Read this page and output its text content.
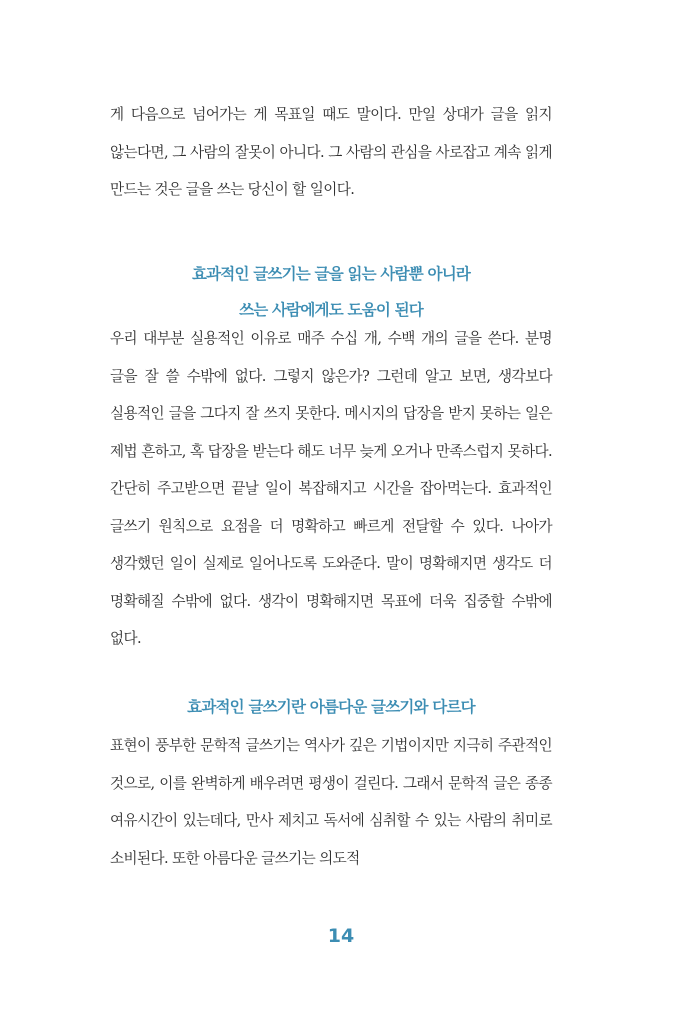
게 다음으로 넘어가는 게 목표일 때도 말이다. 만일 상대가 글을 읽지 않는다면, 그 사람의 잘못이 아니다. 그 사람의 관심을 사로잡고 계속 읽게 만드는 것은 글을 쓰는 당신이 할 일이다.

효과적인 글쓰기는 글을 읽는 사람뿐 아니라
쓰는 사람에게도 도움이 된다

우리 대부분 실용적인 이유로 매주 수십 개, 수백 개의 글을 쓴다. 분명 글을 잘 쓸 수밖에 없다. 그렇지 않은가? 그런데 알고 보면, 생각보다 실용적인 글을 그다지 잘 쓰지 못한다. 메시지의 답장을 받지 못하는 일은 제법 흔하고, 혹 답장을 받는다 해도 너무 늦게 오거나 만족스럽지 못하다. 간단히 주고받으면 끝날 일이 복잡해지고 시간을 잡아먹는다. 효과적인 글쓰기 원칙으로 요점을 더 명확하고 빠르게 전달할 수 있다. 나아가 생각했던 일이 실제로 일어나도록 도와준다. 말이 명확해지면 생각도 더 명확해질 수밖에 없다. 생각이 명확해지면 목표에 더욱 집중할 수밖에 없다.

효과적인 글쓰기란 아름다운 글쓰기와 다르다

표현이 풍부한 문학적 글쓰기는 역사가 깊은 기법이지만 지극히 주관적인 것으로, 이를 완벽하게 배우려면 평생이 걸린다. 그래서 문학적 글은 종종 여유시간이 있는데다, 만사 제치고 독서에 심취할 수 있는 사람의 취미로 소비된다. 또한 아름다운 글쓰기는 의도적

14
